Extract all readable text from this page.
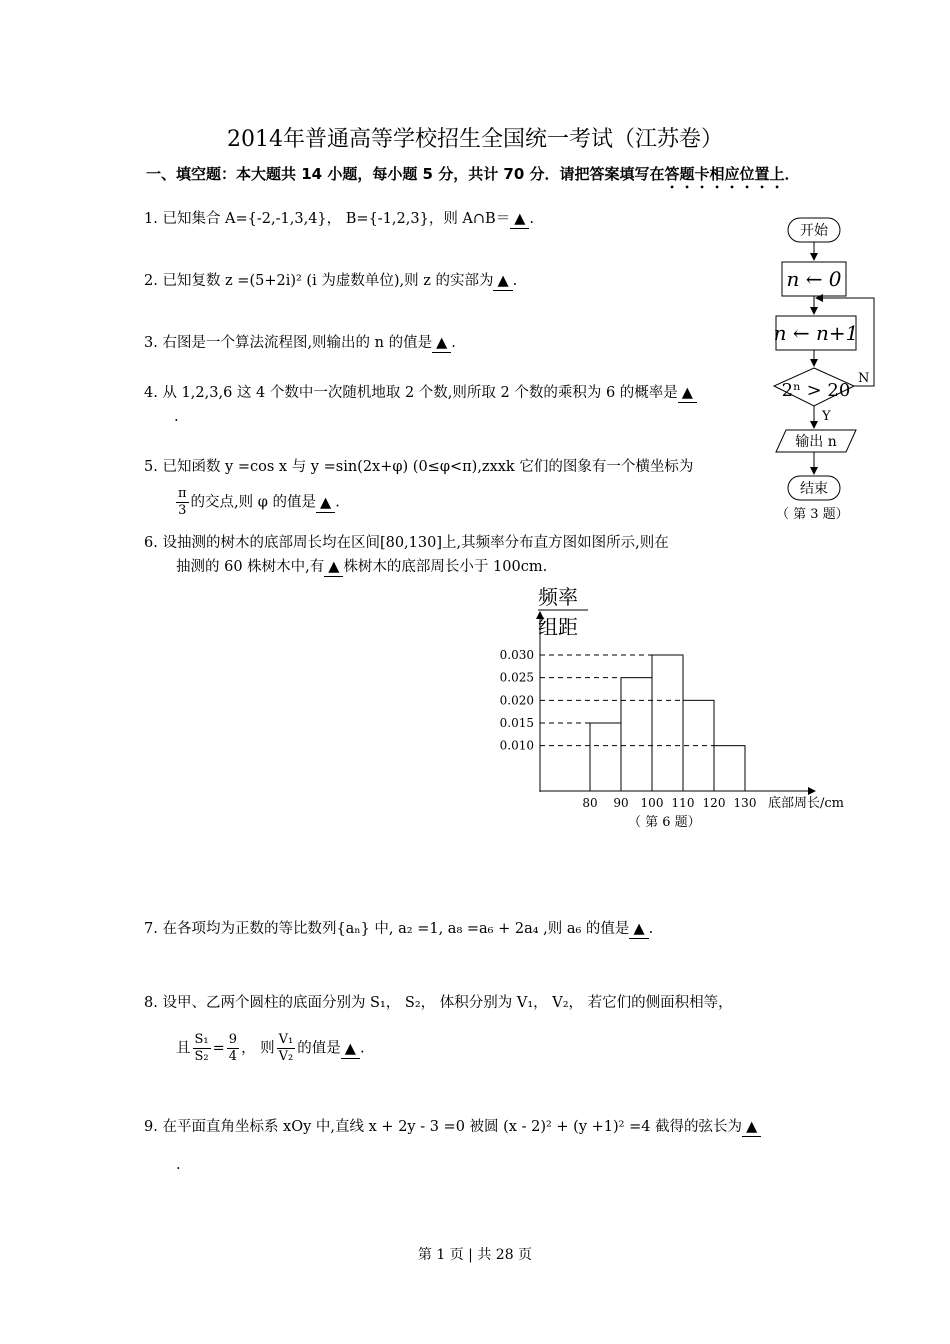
2014年普通高等学校招生全国统一考试（江苏卷）
一、填空题：本大题共 14 小题，每小题 5 分，共计 70 分．请把答案填写在答题卡相应位置上．
1. 已知集合 A={-2,-1,3,4}， B={-1,2,3}，则 A∩B＝ ▲ .
2. 已知复数 z =(5+2i)² (i 为虚数单位),则 z 的实部为 ▲ .
3. 右图是一个算法流程图,则输出的 n 的值是 ▲ .
4. 从 1,2,3,6 这 4 个数中一次随机地取 2 个数,则所取 2 个数的乘积为 6 的概率是 ▲
.
5. 已知函数 y =cos x 与 y =sin(2x+φ) (0≤φ<π),zxxk 它们的图象有一个横坐标为
$\frac{\pi}{3}$ 的交点,则 φ 的值是 ▲ .
6. 设抽测的树木的底部周长均在区间[80,130]上,其频率分布直方图如图所示,则在
抽测的 60 株树木中,有 ▲ 株树木的底部周长小于 100cm.
7. 在各项均为正数的等比数列{aₙ} 中, a₂ =1, a₈ =a₆ + 2a₄ ,则 a₆ 的值是 ▲ .
8. 设甲、乙两个圆柱的底面分别为 S₁， S₂， 体积分别为 V₁， V₂， 若它们的侧面积相等，
且 $\frac{\text{S₁}}{\text{S₂}} = \frac{9}{4}$ ， 则 $\frac{\text{V₁}}{\text{V₂}}$ 的值是 ▲ .
9. 在平面直角坐标系 xOy 中,直线 x + 2y - 3 =0 被圆 (x - 2)² + (y +1)² =4 截得的弦长为 ▲
.
开始
n ← 0
n ← n+1
2ⁿ > 20
N
Y
输出 n
结束
（ 第 3 题）
频率
组距
0.010
0.015
0.020
0.025
0.030
80 90 100 110 120 130 底部周长/cm
（ 第 6 题）
第 1 页 | 共 28 页
